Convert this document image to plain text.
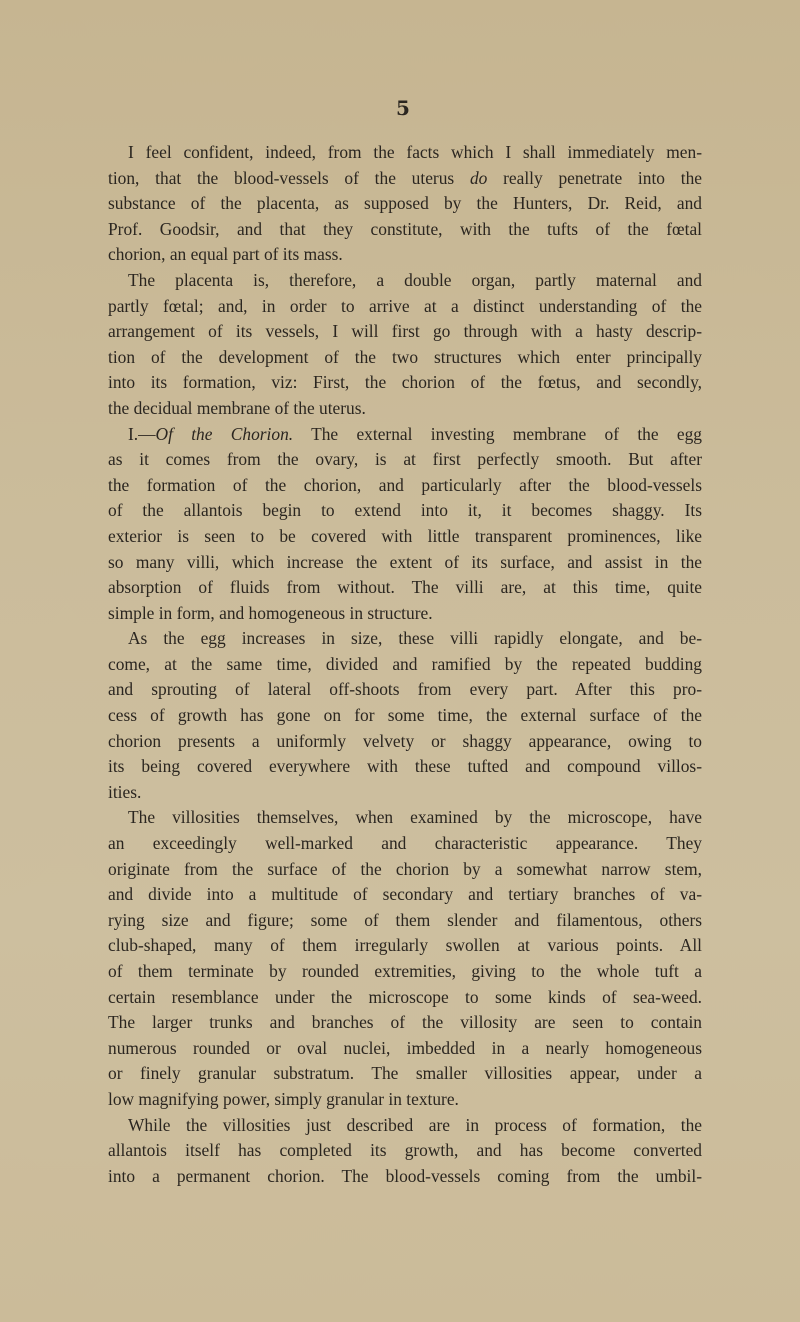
5
I feel confident, indeed, from the facts which I shall immediately men-
tion, that the blood-vessels of the uterus do really penetrate into the
substance of the placenta, as supposed by the Hunters, Dr. Reid, and
Prof. Goodsir, and that they constitute, with the tufts of the fœtal
chorion, an equal part of its mass.
The placenta is, therefore, a double organ, partly maternal and
partly fœtal; and, in order to arrive at a distinct understanding of the
arrangement of its vessels, I will first go through with a hasty descrip-
tion of the development of the two structures which enter principally
into its formation, viz: First, the chorion of the fœtus, and secondly,
the decidual membrane of the uterus.
I.—Of the Chorion. The external investing membrane of the egg
as it comes from the ovary, is at first perfectly smooth. But after
the formation of the chorion, and particularly after the blood-vessels
of the allantois begin to extend into it, it becomes shaggy. Its
exterior is seen to be covered with little transparent prominences, like
so many villi, which increase the extent of its surface, and assist in the
absorption of fluids from without. The villi are, at this time, quite
simple in form, and homogeneous in structure.
As the egg increases in size, these villi rapidly elongate, and be-
come, at the same time, divided and ramified by the repeated budding
and sprouting of lateral off-shoots from every part. After this pro-
cess of growth has gone on for some time, the external surface of the
chorion presents a uniformly velvety or shaggy appearance, owing to
its being covered everywhere with these tufted and compound villos-
ities.
The villosities themselves, when examined by the microscope, have
an exceedingly well-marked and characteristic appearance. They
originate from the surface of the chorion by a somewhat narrow stem,
and divide into a multitude of secondary and tertiary branches of va-
rying size and figure; some of them slender and filamentous, others
club-shaped, many of them irregularly swollen at various points. All
of them terminate by rounded extremities, giving to the whole tuft a
certain resemblance under the microscope to some kinds of sea-weed.
The larger trunks and branches of the villosity are seen to contain
numerous rounded or oval nuclei, imbedded in a nearly homogeneous
or finely granular substratum. The smaller villosities appear, under a
low magnifying power, simply granular in texture.
While the villosities just described are in process of formation, the
allantois itself has completed its growth, and has become converted
into a permanent chorion. The blood-vessels coming from the umbil-
